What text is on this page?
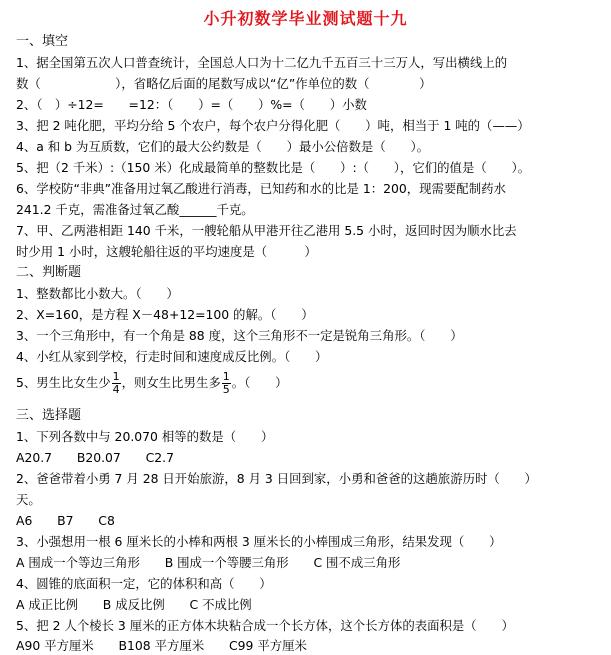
小升初数学毕业测试题十九
一、填空
1、据全国第五次人口普查统计，全国总人口为十二亿九千五百三十三万人，写出横线上的
数（　　　　　　），省略亿后面的尾数写成以“亿”作单位的数（　　　　）
2、（　）÷12=　　=12：（　　）=（　　）%=（　　）小数
3、把 2 吨化肥，平均分给 5 个农户，每个农户分得化肥（　　）吨，相当于 1 吨的（——）
4、a 和 b 为互质数，它们的最大公约数是（　　）最小公倍数是（　　）。
5、把（2 千米）:（150 米）化成最简单的整数比是（　　）:（　　），它们的值是（　　）。
6、学校防“非典”准备用过氧乙酸进行消毒，已知药和水的比是 1：200，现需要配制药水
241.2 千克，需准备过氧乙酸______千克。
7、甲、乙两港相距 140 千米，一艘轮船从甲港开往乙港用 5.5 小时，返回时因为顺水比去
时少用 1 小时，这艘轮船往返的平均速度是（　　　）
二、判断题
1、整数都比小数大。（　　）
2、X=160，是方程 X－48+12=100 的解。（　　）
3、一个三角形中，有一个角是 88 度，这个三角形不一定是锐角三角形。（　　）
4、小红从家到学校，行走时间和速度成反比例。（　　）
5、男生比女生少 $\frac{1}{4}$ ，则女生比男生多 $\frac{1}{5}$ 。（　　）
三、选择题
1、下列各数中与 20.070 相等的数是（　　）
A20.7　　B20.07　　C2.7
2、爸爸带着小勇 7 月 28 日开始旅游，8 月 3 日回到家，小勇和爸爸的这趟旅游历时（　　）
天。
A6　　B7　　C8
3、小强想用一根 6 厘米长的小棒和两根 3 厘米长的小棒围成三角形，结果发现（　　）
A 围成一个等边三角形　　B 围成一个等腰三角形　　C 围不成三角形
4、圆锥的底面积一定，它的体积和高（　　）
A 成正比例　　B 成反比例　　C 不成比例
5、把 2 人个棱长 3 厘米的正方体木块粘合成一个长方体，这个长方体的表面积是（　　）
A90 平方厘米　　B108 平方厘米　　C99 平方厘米
